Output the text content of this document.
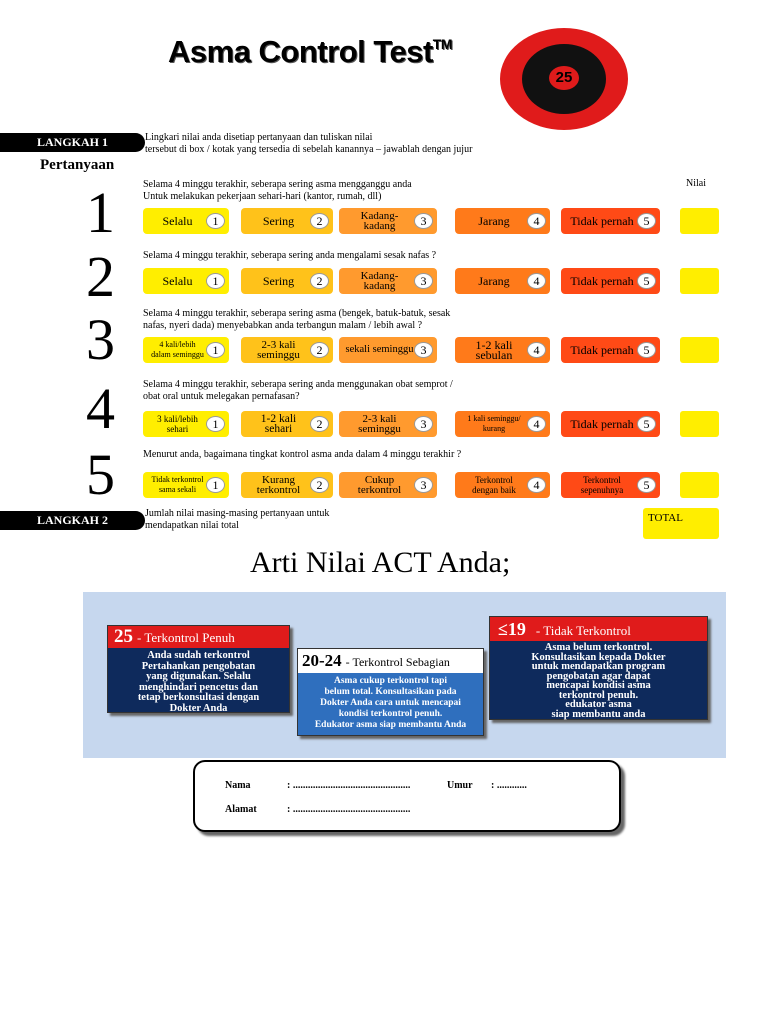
Asma Control Test™
25
LANGKAH 1	Lingkari nilai anda disetiap pertanyaan dan tuliskan nilai
tersebut di box / kotak yang tersedia di sebelah kanannya – jawablah dengan jujur
Pertanyaan
Nilai
1	Selama 4 minggu terakhir, seberapa sering asma mengganggu anda
Untuk melakukan pekerjaan sehari-hari (kantor, rumah, dll)
Selalu	1	Sering	2	Kadang-kadang	3	Jarang	4	Tidak pernah 5
2	Selama 4 minggu terakhir, seberapa sering anda mengalami sesak nafas ?
Selalu	1	Sering	2	Kadang-kadang	3	Jarang	4	Tidak pernah 5
3	Selama 4 minggu terakhir, seberapa sering asma (bengek, batuk-batuk, sesak
nafas, nyeri dada) menyebabkan anda terbangun malam / lebih awal ?
4 kali/lebih dalam seminggu 1	2-3 kali seminggu	2	sekali seminggu 3	1-2 kali sebulan	4	Tidak pernah 5
4	Selama 4 minggu terakhir, seberapa sering anda menggunakan obat semprot /
obat oral untuk melegakan pernafasan?
3 kali/lebih sehari	1	1-2 kali sehari	2	2-3 kali seminggu	3	1 kali seminggu/ kurang	4	Tidak pernah 5
5	Menurut anda, bagaimana tingkat kontrol asma anda dalam 4 minggu terakhir ?
Tidak terkontrol sama sekali	1	Kurang terkontrol	2	Cukup terkontrol	3	Terkontrol dengan baik	4	Terkontrol sepenuhnya	5
LANGKAH 2	Jumlah nilai masing-masing pertanyaan untuk
mendapatkan nilai total
TOTAL
Arti Nilai ACT Anda;
25 - Terkontrol Penuh
Anda sudah terkontrol
Pertahankan pengobatan
yang digunakan. Selalu
menghindari pencetus dan
tetap berkonsultasi dengan
Dokter Anda
20-24 - Terkontrol Sebagian
Asma cukup terkontrol tapi
belum total. Konsultasikan pada
Dokter Anda cara untuk mencapai
kondisi terkontrol penuh.
Edukator asma siap membantu Anda
≤19 - Tidak Terkontrol
Asma belum terkontrol.
Konsultasikan kepada Dokter
untuk mendapatkan program
pengobatan agar dapat
mencapai kondisi asma
terkontrol penuh.
edukator asma
siap membantu anda
Nama	: ...............................................	Umur : ............
Alamat	: ...............................................
